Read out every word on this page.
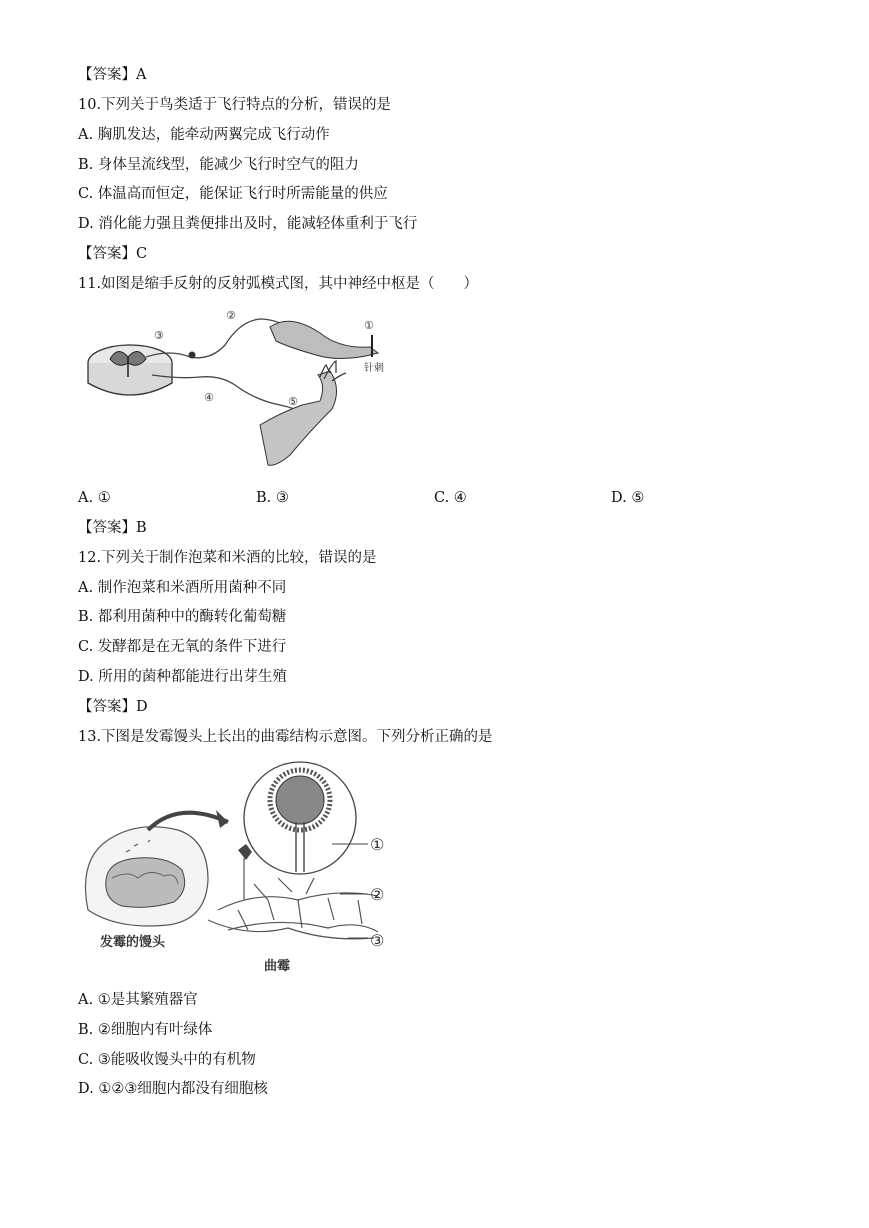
【答案】A
10.下列关于鸟类适于飞行特点的分析，错误的是
A. 胸肌发达，能牵动两翼完成飞行动作
B. 身体呈流线型，能减少飞行时空气的阻力
C. 体温高而恒定，能保证飞行时所需能量的供应
D. 消化能力强且粪便排出及时，能减轻体重利于飞行
【答案】C
11.如图是缩手反射的反射弧模式图，其中神经中枢是（　　）
③
②
①
④	⑤
针刺
A. ①	B. ③	C. ④	D. ⑤
【答案】B
12.下列关于制作泡菜和米酒的比较，错误的是
A. 制作泡菜和米酒所用菌种不同
B. 都利用菌种中的酶转化葡萄糖
C. 发酵都是在无氧的条件下进行
D. 所用的菌种都能进行出芽生殖
【答案】D
13.下图是发霉馒头上长出的曲霉结构示意图。下列分析正确的是
发霉的馒头
①
②
③
曲霉
A. ①是其繁殖器官
B. ②细胞内有叶绿体
C. ③能吸收馒头中的有机物
D. ①②③细胞内都没有细胞核
